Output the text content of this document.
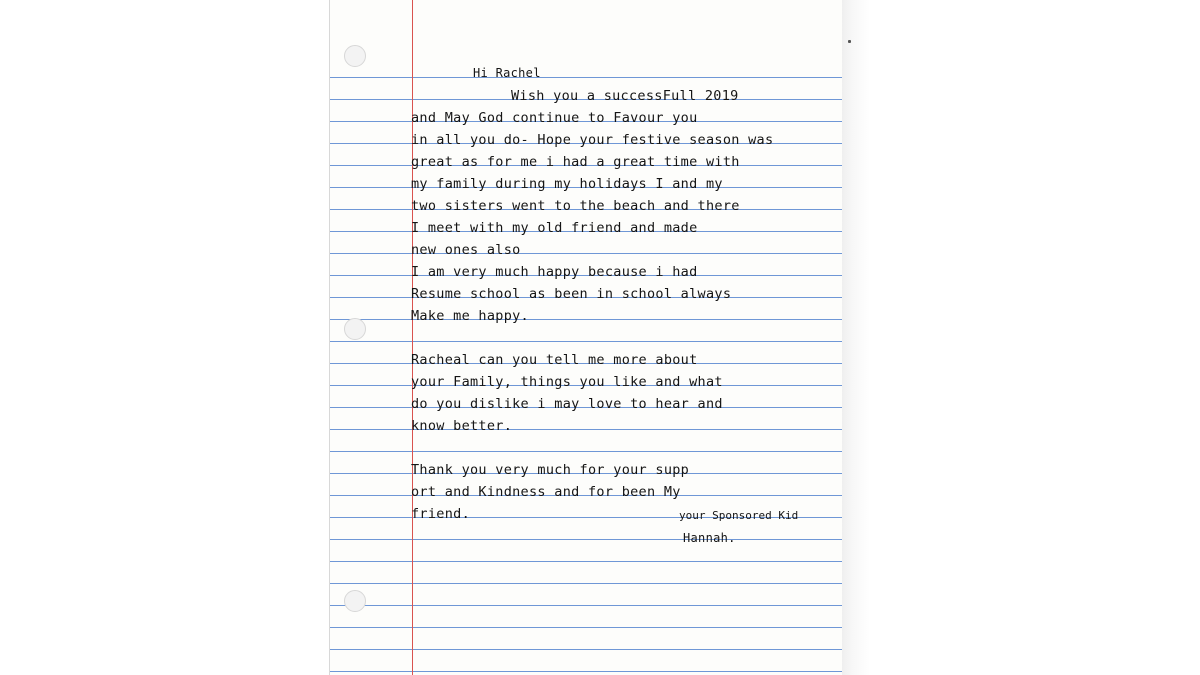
Hi Rachel
Wish you a successFull 2019
and May God continue to Favour you
in all you do- Hope your festive season was
great as for me i had a great time with
my family during my holidays I and my
two sisters went to the beach and there
I meet with my old friend and made
new ones also
I am very much happy because i had
Resume school as been in school always
Make me happy.
Racheal can you tell me more about
your Family, things you like and what
do you dislike i may love to hear and
know better.
Thank you very much for your supp
ort and Kindness and for been My
friend.	your Sponsored Kid
Hannah.
